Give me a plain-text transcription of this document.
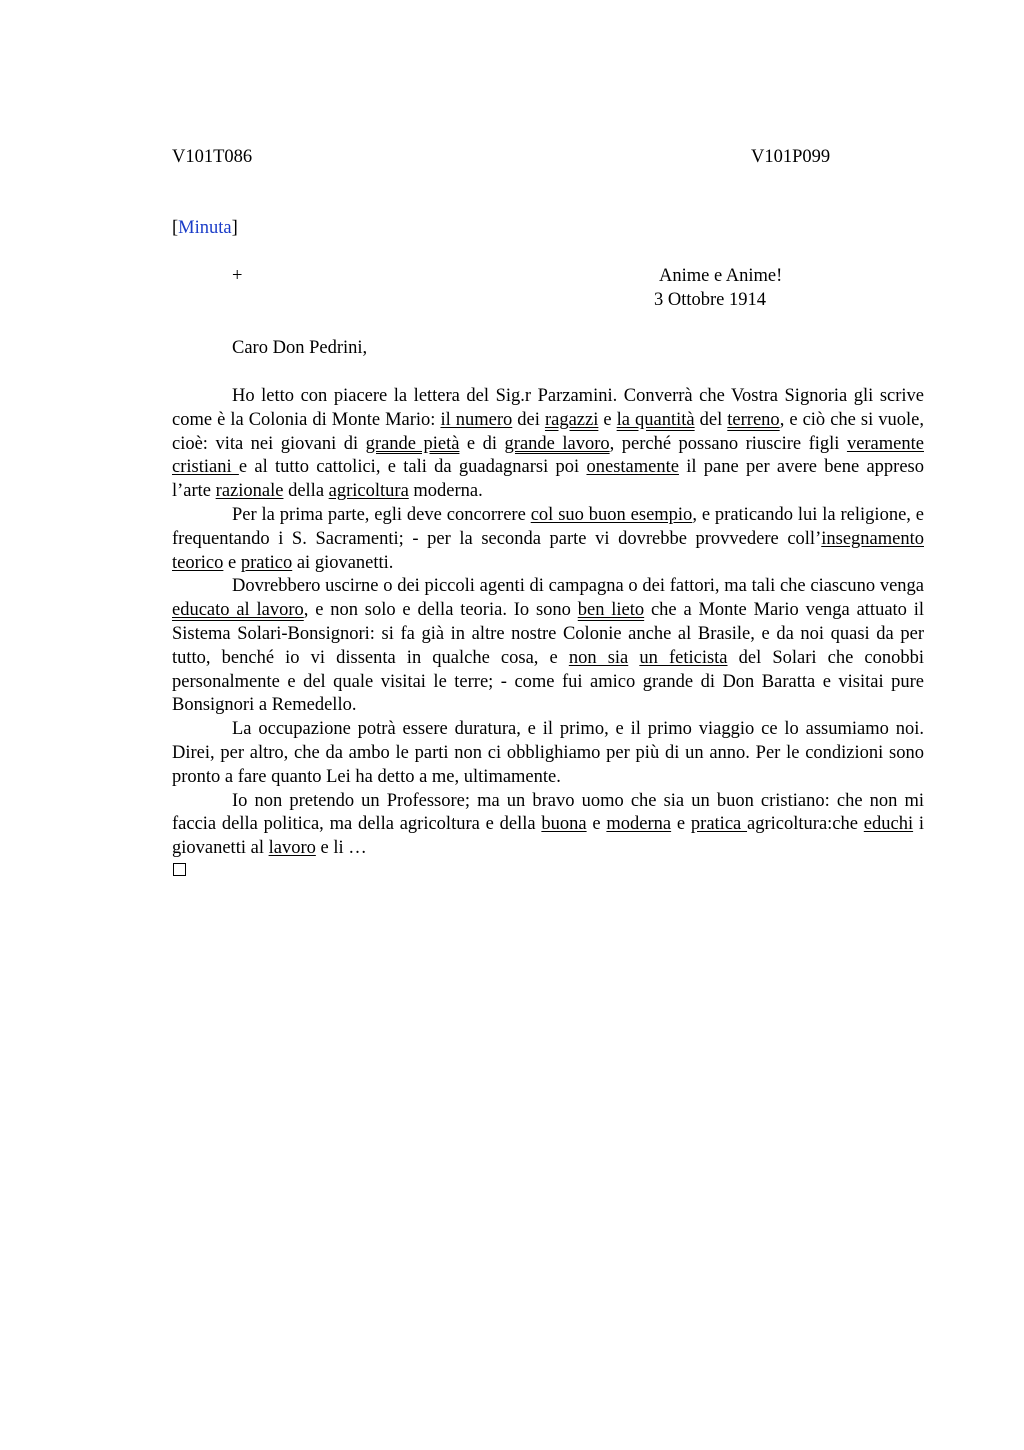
V101T086	V101P099
[Minuta]
+	Anime e Anime!
3 Ottobre 1914
Caro Don Pedrini,

Ho letto con piacere la lettera del Sig.r Parzamini. Converrà che Vostra Signoria gli scrive come è la Colonia di Monte Mario: il numero dei ragazzi e la quantità del terreno, e ciò che si vuole, cioè: vita nei giovani di grande pietà e di grande lavoro, perché possano riuscire figli veramente cristiani e al tutto cattolici, e tali da guadagnarsi poi onestamente il pane per avere bene appreso l’arte razionale della agricoltura moderna.

Per la prima parte, egli deve concorrere col suo buon esempio, e praticando lui la religione, e frequentando i S. Sacramenti; - per la seconda parte vi dovrebbe provvedere coll’insegnamento teorico e pratico ai giovanetti.

Dovrebbero uscirne o dei piccoli agenti di campagna o dei fattori, ma tali che ciascuno venga educato al lavoro, e non solo e della teoria. Io sono ben lieto che a Monte Mario venga attuato il Sistema Solari-Bonsignori: si fa già in altre nostre Colonie anche al Brasile, e da noi quasi da per tutto, benché io vi dissenta in qualche cosa, e non sia un feticista del Solari che conobbi personalmente e del quale visitai le terre; - come fui amico grande di Don Baratta e visitai pure Bonsignori a Remedello.

La occupazione potrà essere duratura, e il primo, e il primo viaggio ce lo assumiamo noi. Direi, per altro, che da ambo le parti non ci obblighiamo per più di un anno. Per le condizioni sono pronto a fare quanto Lei ha detto a me, ultimamente.

Io non pretendo un Professore; ma un bravo uomo che sia un buon cristiano: che non mi faccia della politica, ma della agricoltura e della buona e moderna e pratica agricoltura:che educhi i giovanetti al lavoro e li …
